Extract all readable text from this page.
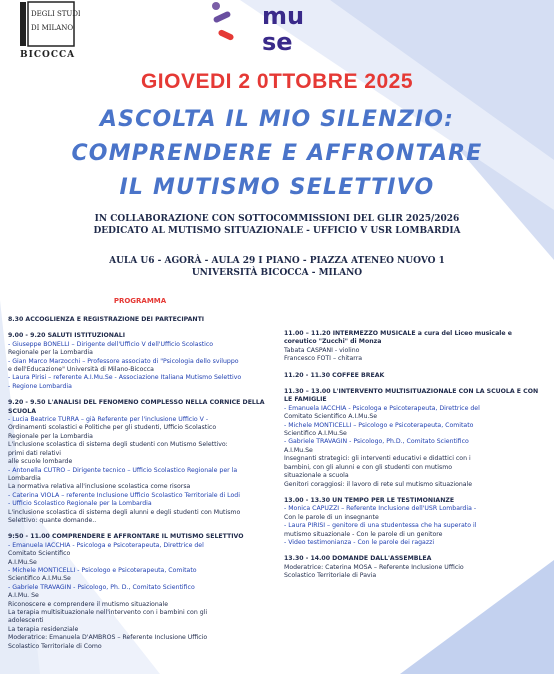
DEGLI STUDI
DI MILANO
BICOCCA
mu
se
GIOVEDI 2 0TTOBRE 2025
ASCOLTA IL MIO SILENZIO:
COMPRENDERE E AFFRONTARE
IL MUTISMO SELETTIVO
IN COLLABORAZIONE CON SOTTOCOMMISSIONI DEL GLIR 2025/2026
DEDICATO AL MUTISMO SITUAZIONALE - UFFICIO V USR LOMBARDIA
AULA U6 - AGORÀ - AULA 29 I PIANO - PIAZZA ATENEO NUOVO 1
UNIVERSITÀ BICOCCA - MILANO
PROGRAMMA
8.30 ACCOGLIENZA E REGISTRAZIONE DEI PARTECIPANTI
9.00 - 9.20 SALUTI ISTITUZIONALI
- Giuseppe BONELLI – Dirigente dell'Ufficio V dell'Ufficio Scolastico
Regionale per la Lombardia
- Gian Marco Marzocchi – Professore associato di "Psicologia dello sviluppo
e dell'Educazione" Università di Milano-Bicocca
- Laura Pirisi – referente A.I.Mu.Se - Associazione Italiana Mutismo Selettivo
- Regione Lombardia
9.20 - 9.50 L'ANALISI DEL FENOMENO COMPLESSO NELLA CORNICE DELLA SCUOLA
- Lucia Beatrice TURRA – già Referente per l'inclusione Ufficio V -
Ordinamenti scolastici e Politiche per gli studenti, Ufficio Scolastico
Regionale per la Lombardia
L'inclusione scolastica di sistema degli studenti con Mutismo Selettivo:
primi dati relativi
alle scuole lombarde
- Antonella CUTRO – Dirigente tecnico – Ufficio Scolastico Regionale per la
Lombardia
La normativa relativa all'inclusione scolastica come risorsa
- Caterina VIOLA – referente Inclusione Ufficio Scolastico Territoriale di Lodi
- Ufficio Scolastico Regionale per la Lombardia
L'inclusione scolastica di sistema degli alunni e degli studenti con Mutismo
Selettivo: quante domande..
9:50 - 11.00 COMPRENDERE E AFFRONTARE IL MUTISMO SELETTIVO
- Emanuela IACCHIA - Psicologa e Psicoterapeuta, Direttrice del
Comitato Scientifico
A.I.Mu.Se
- Michele MONTICELLI - Psicologo e Psicoterapeuta, Comitato
Scientifico A.I.Mu.Se
- Gabriele TRAVAGIN - Psicologo, Ph. D., Comitato Scientifico
A.I.Mu. Se
Riconoscere e comprendere il mutismo situazionale
La terapia multisituazionale nell'intervento con i bambini con gli
adolescenti
La terapia residenziale
Moderatrice: Emanuela D'AMBROS – Referente Inclusione Ufficio
Scolastico Territoriale di Como
11.00 – 11.20 INTERMEZZO MUSICALE a cura del Liceo musicale e coreutico "Zucchi" di Monza
Tabata CASPANI - violino
Francesco FOTI – chitarra
11.20 - 11.30 COFFEE BREAK
11.30 – 13.00 L'INTERVENTO MULTISITUAZIONALE CON LA SCUOLA E CON LE FAMIGLIE
- Emanuela IACCHIA - Psicologa e Psicoterapeuta, Direttrice del
Comitato Scientifico A.I.Mu.Se
- Michele MONTICELLI – Psicologo e Psicoterapeuta, Comitato
Scientifico A.I.Mu.Se
- Gabriele TRAVAGIN - Psicologo, Ph.D., Comitato Scientifico
A.I.Mu.Se
Insegnanti strategici: gli interventi educativi e didattici con i
bambini, con gli alunni e con gli studenti con mutismo
situazionale a scuola
Genitori coraggiosi: il lavoro di rete sul mutismo situazionale
13.00 - 13.30 UN TEMPO PER LE TESTIMONIANZE
- Monica CAPUZZI – Referente Inclusione dell'USR Lombardia -
Con le parole di un insegnante
- Laura PIRISI – genitore di una studentessa che ha superato il
mutismo situazionale - Con le parole di un genitore
- Video testimonianza - Con le parole dei ragazzi
13.30 - 14.00 DOMANDE DALL'ASSEMBLEA
Moderatrice: Caterina MOSA – Referente Inclusione Ufficio
Scolastico Territoriale di Pavia
